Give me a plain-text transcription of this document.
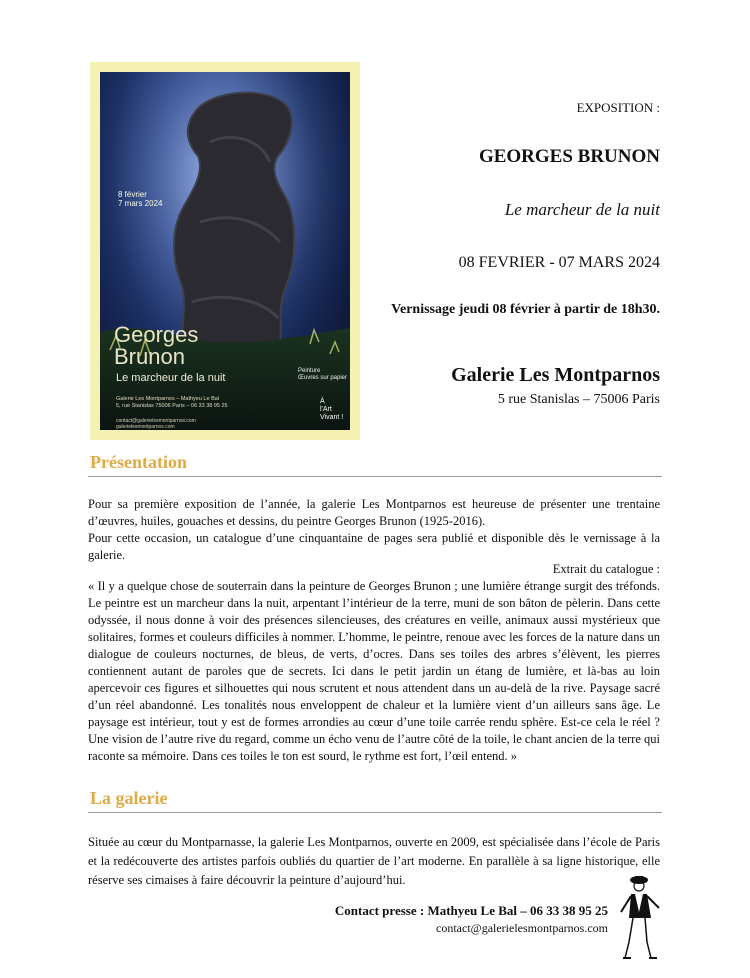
8 février
7 mars 2024
Georges
Brunon
Le marcheur de la nuit
Galerie Les Montparnos – Mathyeu Le Bal
5, rue Stanislas 75006 Paris – 06 33 38 95 25
contact@galerielesmontparnos.com
galerielesmontparnos.com
Peinture
Œuvres sur papier
À
l'Art
Vivant !
EXPOSITION :
GEORGES BRUNON
Le marcheur de la nuit
08 FEVRIER - 07 MARS 2024
Vernissage jeudi 08 février à partir de 18h30.
Galerie Les Montparnos
5 rue Stanislas – 75006 Paris
Présentation
Pour sa première exposition de l’année, la galerie Les Montparnos est heureuse de présenter une trentaine d’œuvres, huiles, gouaches et dessins, du peintre Georges Brunon (1925-2016).
Pour cette occasion, un catalogue d’une cinquantaine de pages sera publié et disponible dès le vernissage à la galerie.
Extrait du catalogue :
« Il y a quelque chose de souterrain dans la peinture de Georges Brunon ; une lumière étrange surgit des tréfonds. Le peintre est un marcheur dans la nuit, arpentant l’intérieur de la terre, muni de son bâton de pèlerin. Dans cette odyssée, il nous donne à voir des présences silencieuses, des créatures en veille, animaux aussi mystérieux que solitaires, formes et couleurs difficiles à nommer. L’homme, le peintre, renoue avec les forces de la nature dans un dialogue de couleurs nocturnes, de bleus, de verts, d’ocres. Dans ses toiles des arbres s’élèvent, les pierres contiennent autant de paroles que de secrets. Ici dans le petit jardin un étang de lumière, et là-bas au loin apercevoir ces figures et silhouettes qui nous scrutent et nous attendent dans un au-delà de la rive. Paysage sacré d’un réel abandonné. Les tonalités nous enveloppent de chaleur et la lumière vient d’un ailleurs sans âge. Le paysage est intérieur, tout y est de formes arrondies au cœur d’une toile carrée rendu sphère. Est-ce cela le réel ? Une vision de l’autre rive du regard, comme un écho venu de l’autre côté de la toile, le chant ancien de la terre qui raconte sa mémoire. Dans ces toiles le ton est sourd, le rythme est fort, l’œil entend. »
La galerie
Située au cœur du Montparnasse, la galerie Les Montparnos, ouverte en 2009, est spécialisée dans l’école de Paris et la redécouverte des artistes parfois oubliés du quartier de l’art moderne. En parallèle à sa ligne historique, elle réserve ses cimaises à faire découvrir la peinture d’aujourd’hui.
Contact presse : Mathyeu Le Bal – 06 33 38 95 25
contact@galerielesmontparnos.com
